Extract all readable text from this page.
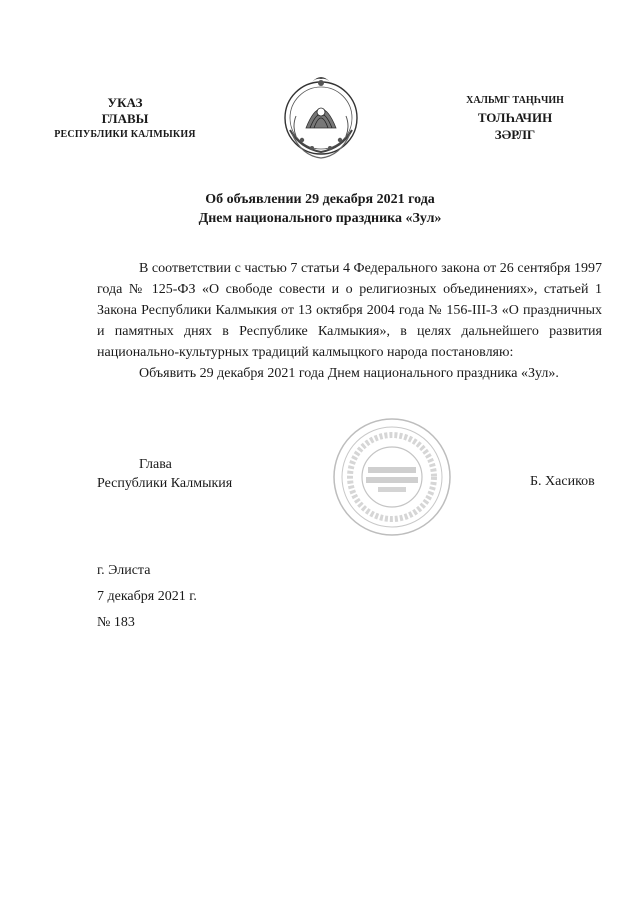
УКАЗ
ГЛАВЫ
РЕСПУБЛИКИ КАЛМЫКИЯ
ХАЛЬМГ ТАҢҺЧИН
ТОЛҺАЧИН
ЗӘРЛГ
Об объявлении 29 декабря 2021 года
Днем национального праздника «Зул»

В соответствии с частью 7 статьи 4 Федерального закона от 26 сентября 1997 года № 125-ФЗ «О свободе совести и о религиозных объединениях», статьей 1 Закона Республики Калмыкия от 13 октября 2004 года № 156-III-З «О праздничных и памятных днях в Республике Калмыкия», в целях дальнейшего развития национально-культурных традиций калмыцкого народа постановляю:

Объявить 29 декабря 2021 года Днем национального праздника «Зул».

Глава
Республики Калмыкия	Б. Хасиков
г. Элиста
7 декабря 2021 г.
№ 183
